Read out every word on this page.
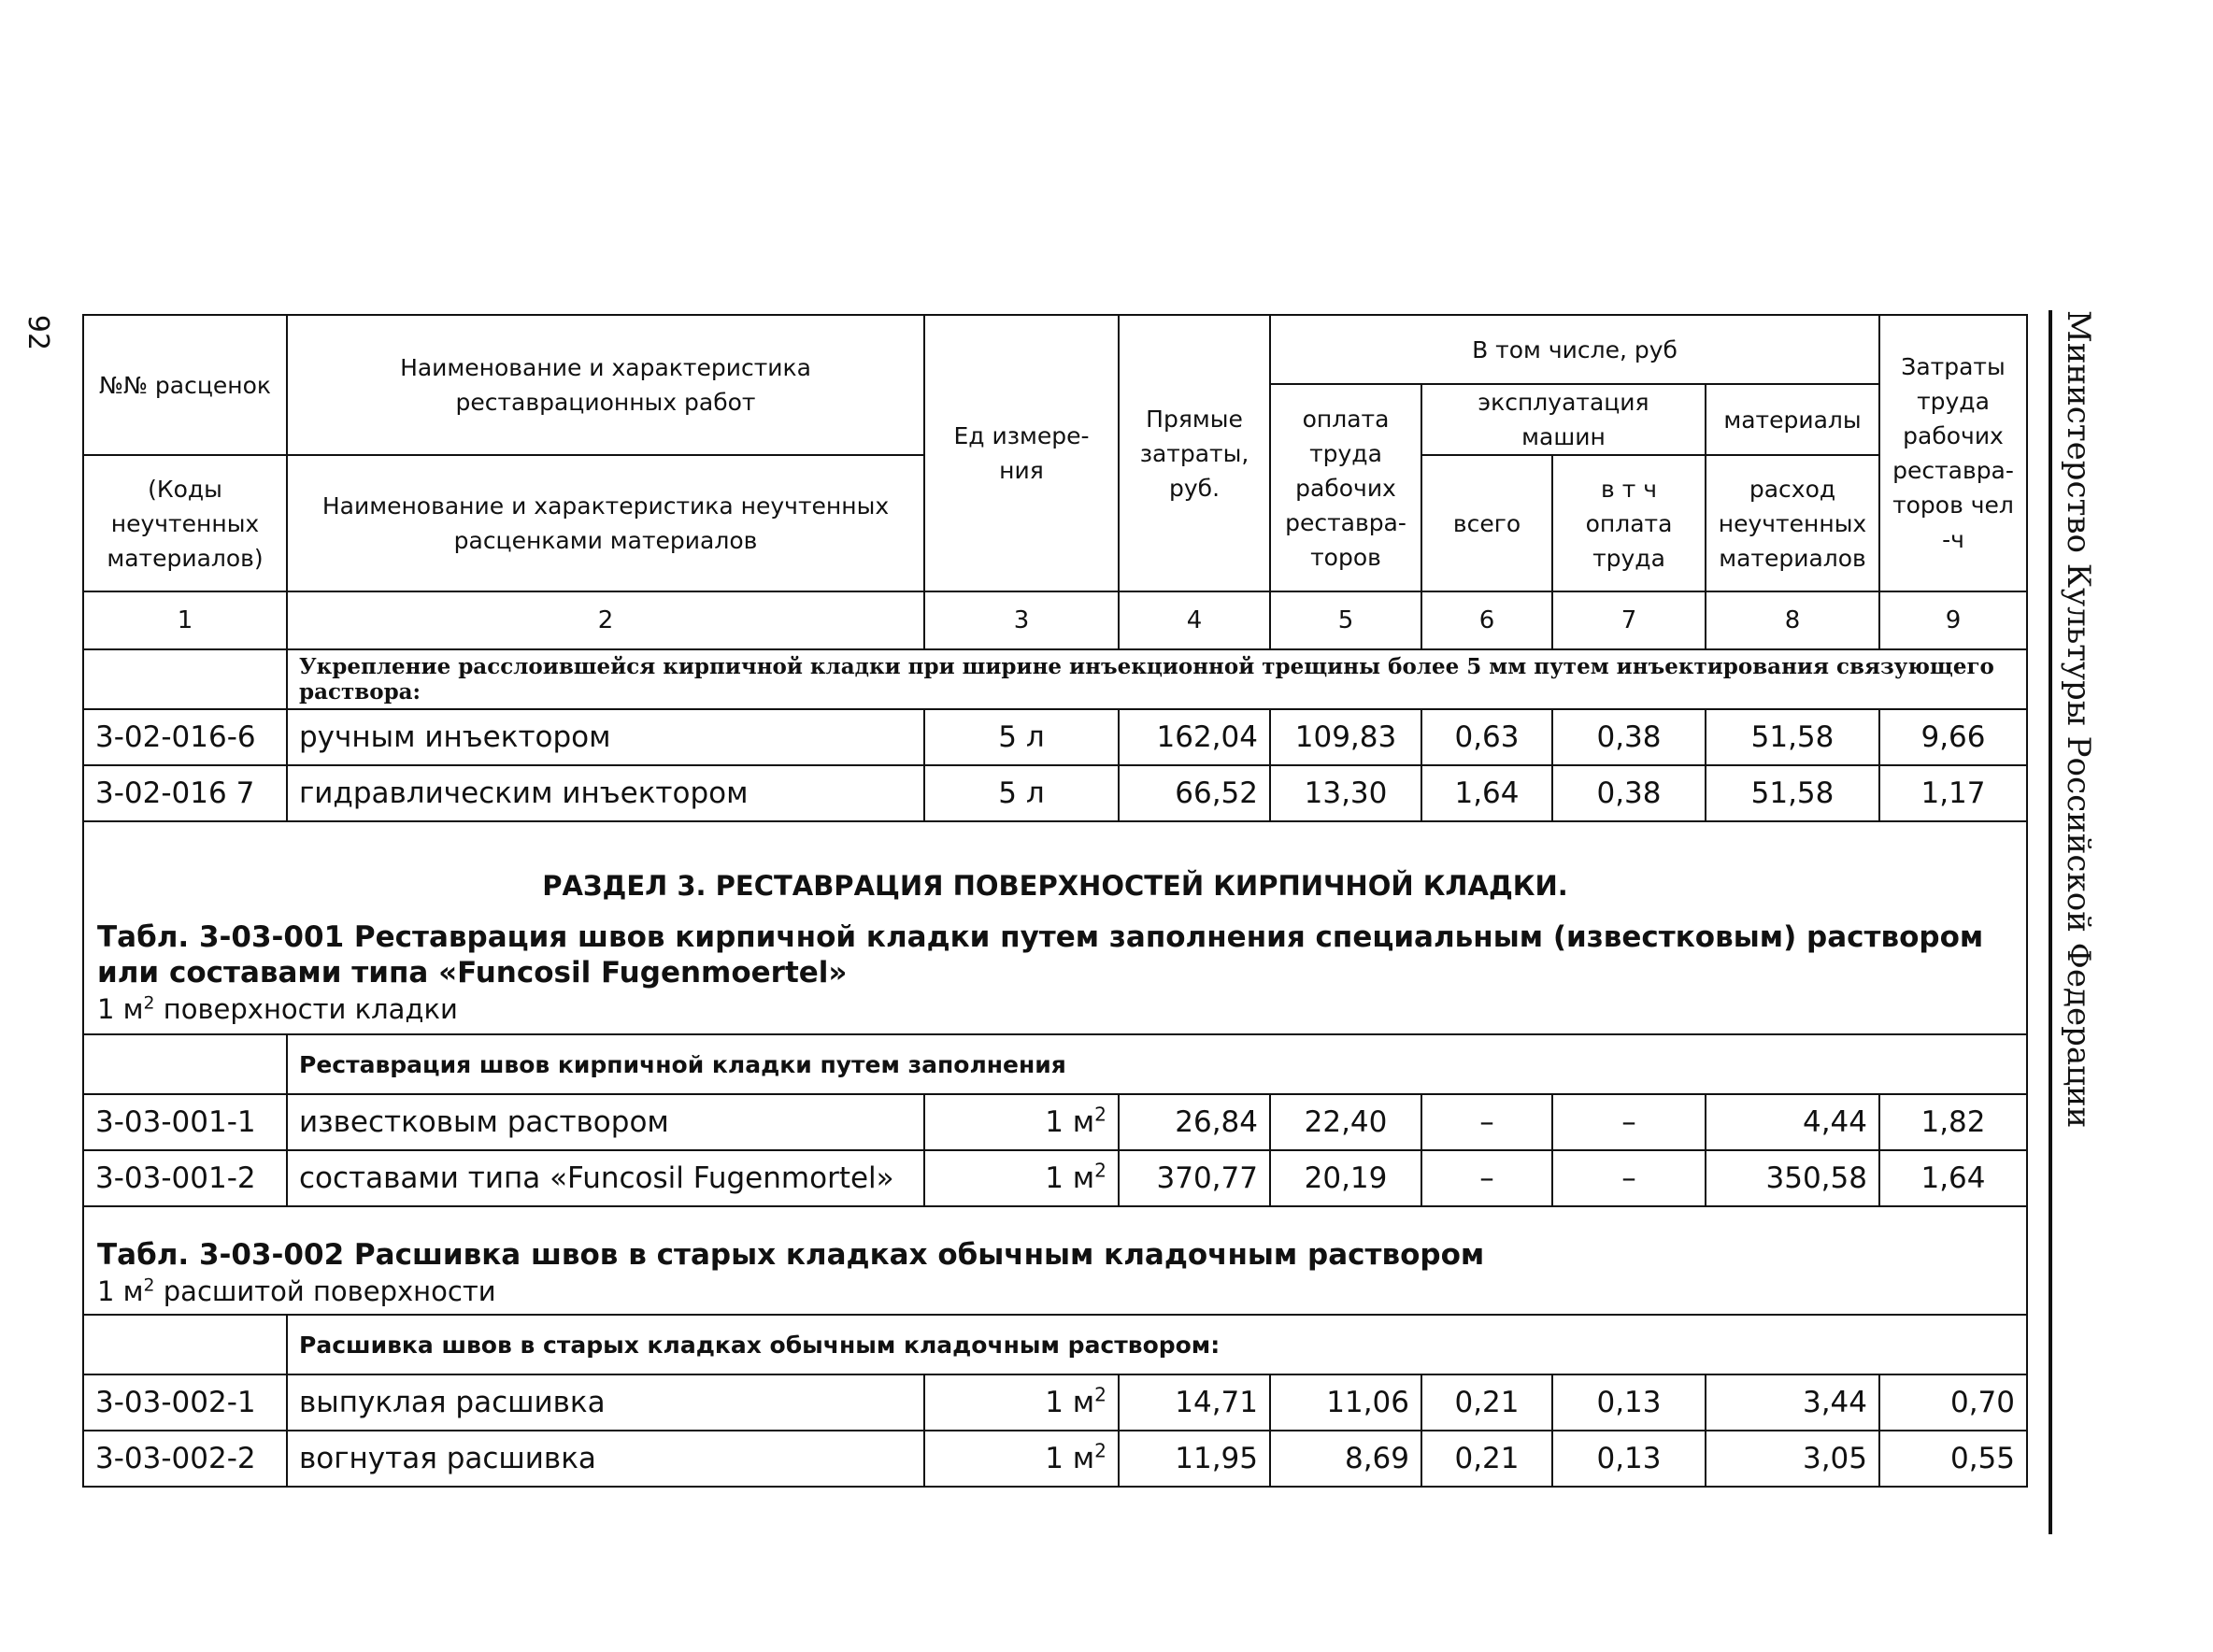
92	Министерство Культуры Российской Федерации
№№ расценок	Наименование и характеристика реставрационных работ	Ед измере-ния	Прямые затраты, руб.	В том числе, руб				Затраты труда рабочих реставра-торов чел -ч
				оплата труда рабочих реставра-торов	эксплуатация машин		материалы	
(Коды неучтенных материалов)	Наименование и характеристика неучтенных расценками материалов				всего	в т ч оплата труда	расход неучтенных материалов	

1	2	3	4	5	6	7	8	9
	Укрепление расслоившейся кирпичной кладки при ширине инъекционной трещины более 5 мм путем инъектирования связующего раствора:							
3-02-016-6	ручным инъектором	5 л	162,04	109,83	0,63	0,38	51,58	9,66
3-02-016 7	гидравлическим инъектором	5 л	66,52	13,30	1,64	0,38	51,58	1,17

РАЗДЕЛ 3. РЕСТАВРАЦИЯ ПОВЕРХНОСТЕЙ КИРПИЧНОЙ КЛАДКИ.
Табл. 3-03-001 Реставрация швов кирпичной кладки путем заполнения специальным (известковым) раствором или составами типа «Funcosil Fugenmoertel»
1 $м^2$ поверхности кладки								

	Реставрация швов кирпичной кладки путем заполнения							
3-03-001-1	известковым раствором	1 $м^2$	26,84	22,40	–	–	4,44	1,82
3-03-001-2	составами типа «Funcosil Fugenmortel»	1 $м^2$	370,77	20,19	–	–	350,58	1,64

Табл. 3-03-002 Расшивка швов в старых кладках обычным кладочным раствором
1 $м^2$ расшитой поверхности								

	Расшивка швов в старых кладках обычным кладочным раствором:							
3-03-002-1	выпуклая расшивка	1 $м^2$	14,71	11,06	0,21	0,13	3,44	0,70
3-03-002-2	вогнутая расшивка	1 $м^2$	11,95	8,69	0,21	0,13	3,05	0,55
